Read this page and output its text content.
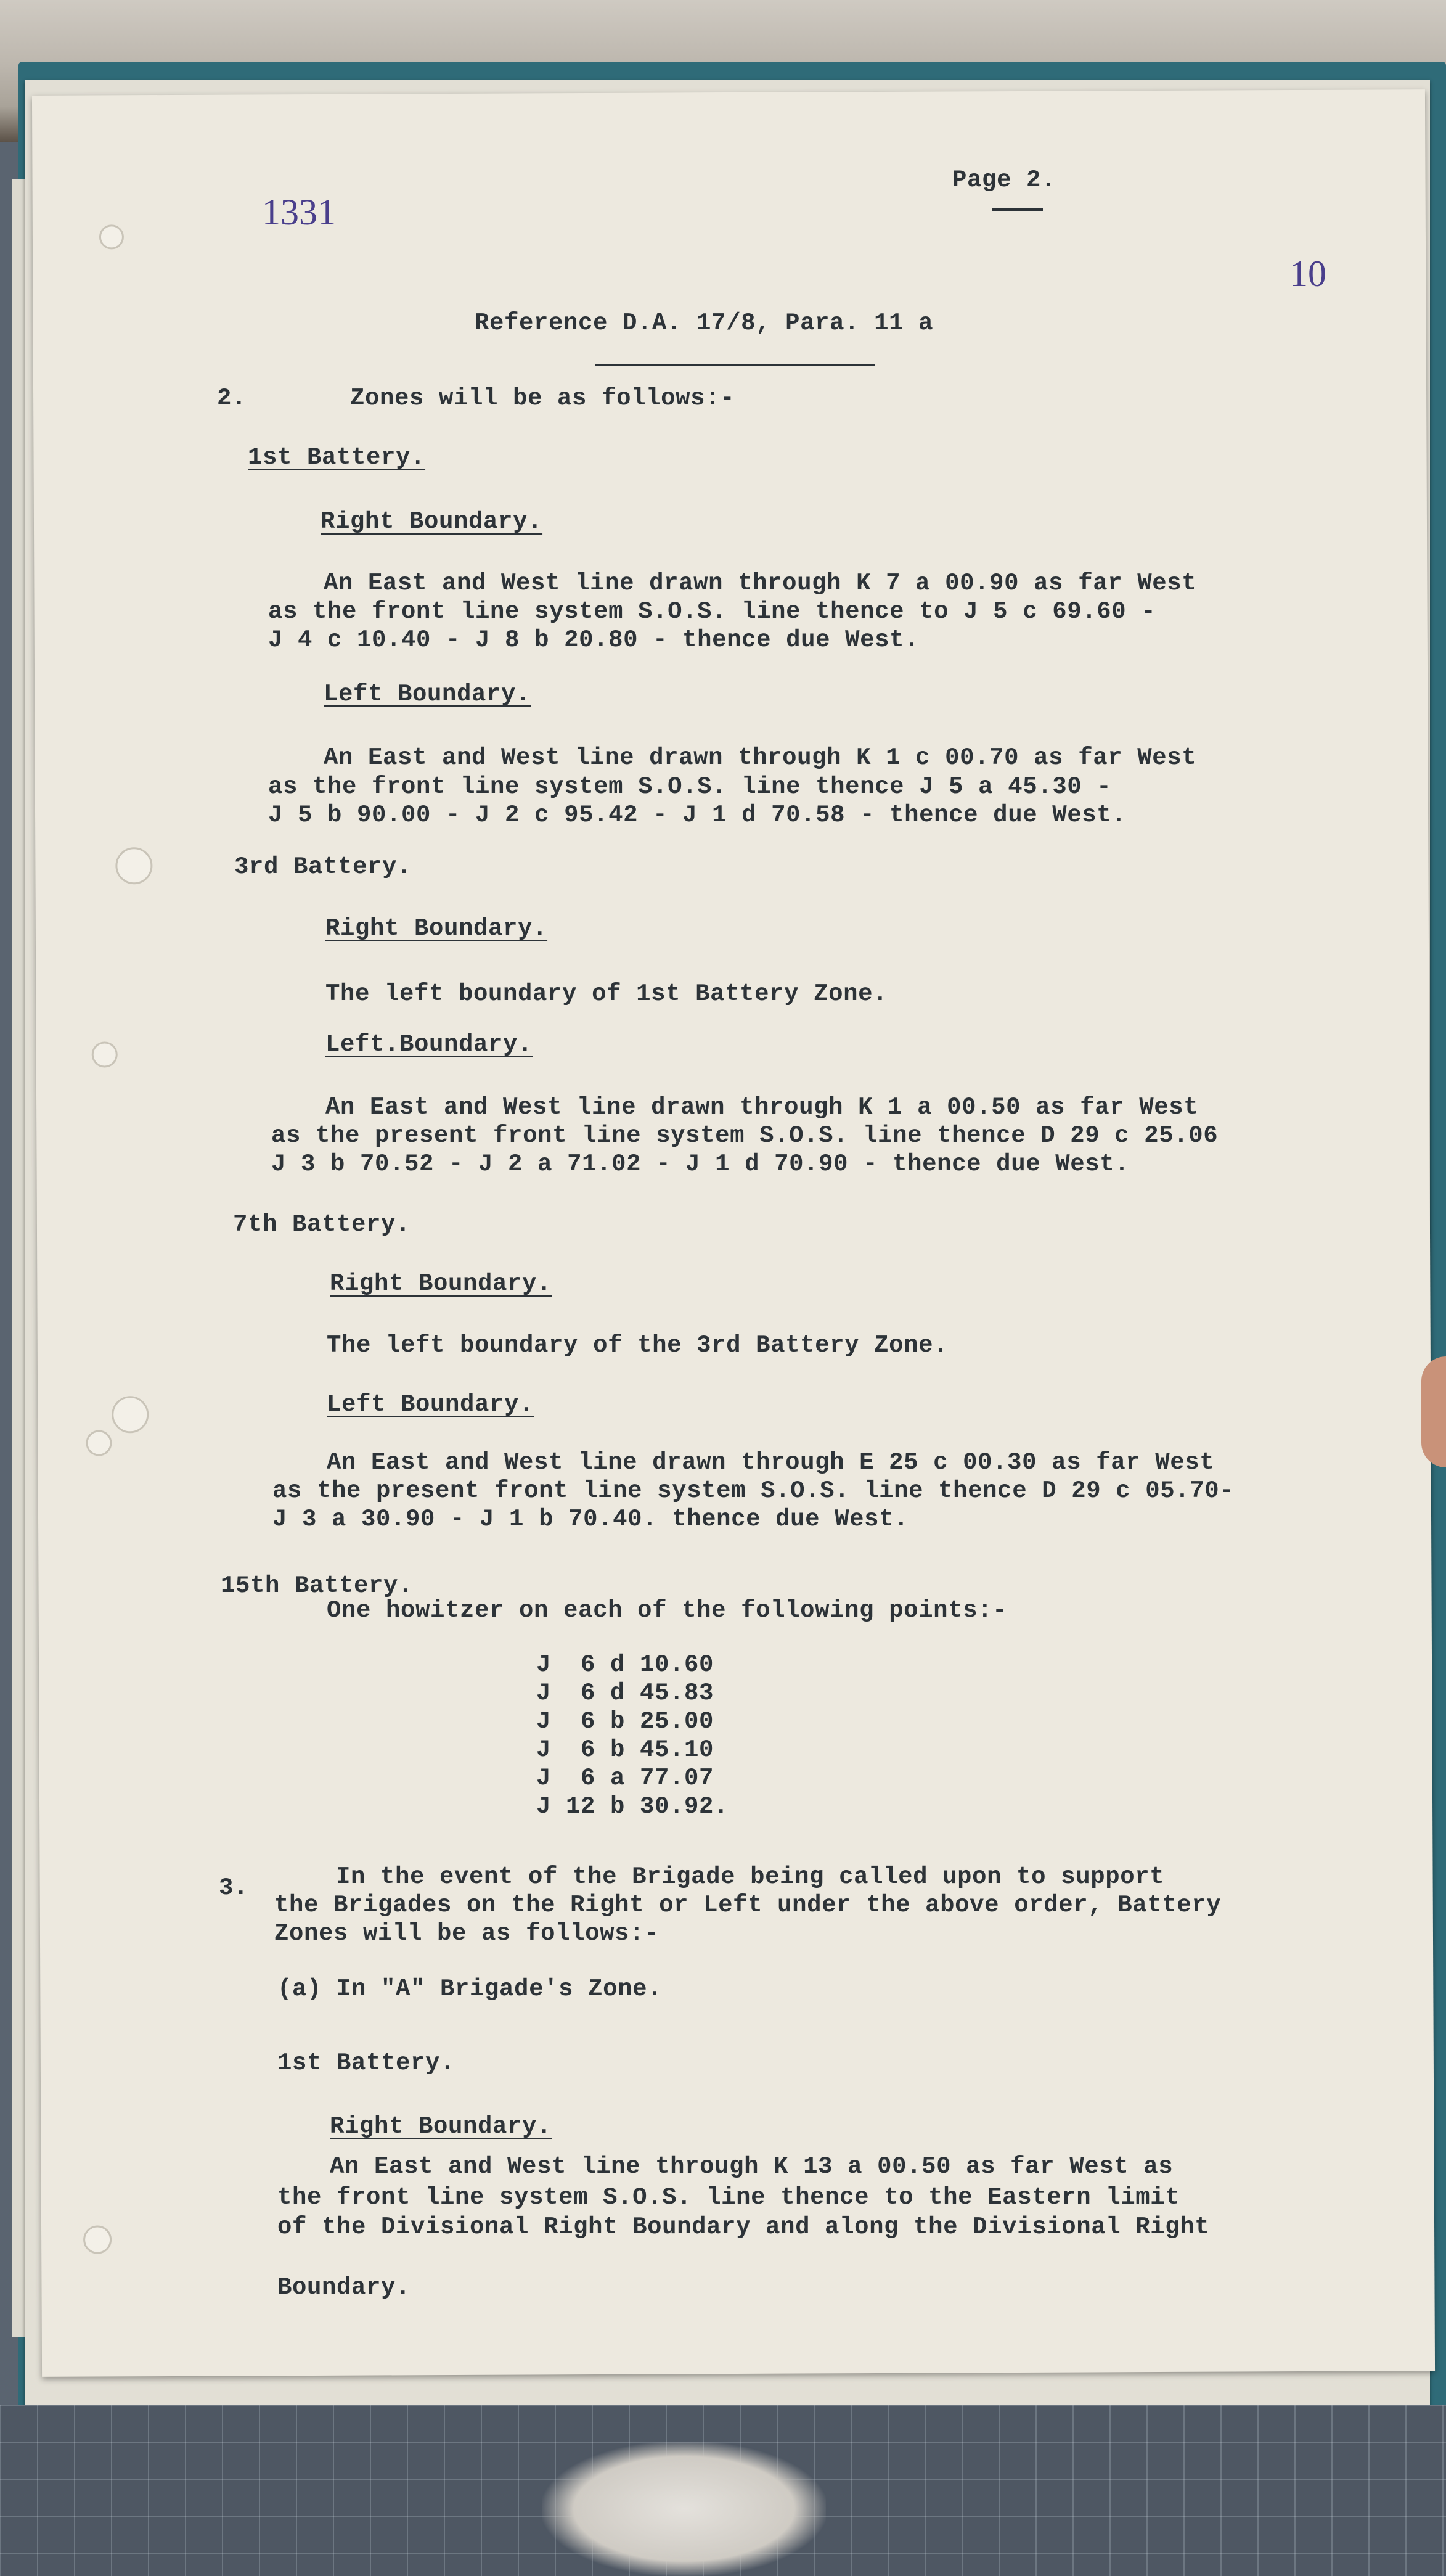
1331
10
Page 2.
Reference D.A. 17/8, Para. 11 a
2.	Zones will be as follows:-
1st Battery.
Right Boundary.
An East and West line drawn through K 7 a 00.90 as far West
as the front line system S.O.S. line thence to J 5 c 69.60 -
J 4 c 10.40 - J 8 b 20.80 - thence due West.
Left Boundary.
An East and West line drawn through K 1 c 00.70 as far West
as the front line system S.O.S. line thence J 5 a 45.30 -
J 5 b 90.00 - J 2 c 95.42 - J 1 d 70.58 - thence due West.
3rd Battery.
Right Boundary.
The left boundary of 1st Battery Zone.
Left.Boundary.
An East and West line drawn through K 1 a 00.50 as far West
as the present front line system S.O.S. line thence D 29 c 25.06
J 3 b 70.52 - J 2 a 71.02 - J 1 d 70.90 - thence due West.
7th Battery.
Right Boundary.
The left boundary of the 3rd Battery Zone.
Left Boundary.
An East and West line drawn through E 25 c 00.30 as far West
as the present front line system S.O.S. line thence D 29 c 05.70-
J 3 a 30.90 - J 1 b 70.40. thence due West.
15th Battery.
One howitzer on each of the following points:-
J  6 d 10.60
J  6 d 45.83
J  6 b 25.00
J  6 b 45.10
J  6 a 77.07
J 12 b 30.92.
3.	In the event of the Brigade being called upon to support
the Brigades on the Right or Left under the above order, Battery
Zones will be as follows:-
(a) In "A" Brigade's Zone.
1st Battery.
Right Boundary.
An East and West line through K 13 a 00.50 as far West as
the front line system S.O.S. line thence to the Eastern limit
of the Divisional Right Boundary and along the Divisional Right
Boundary.
